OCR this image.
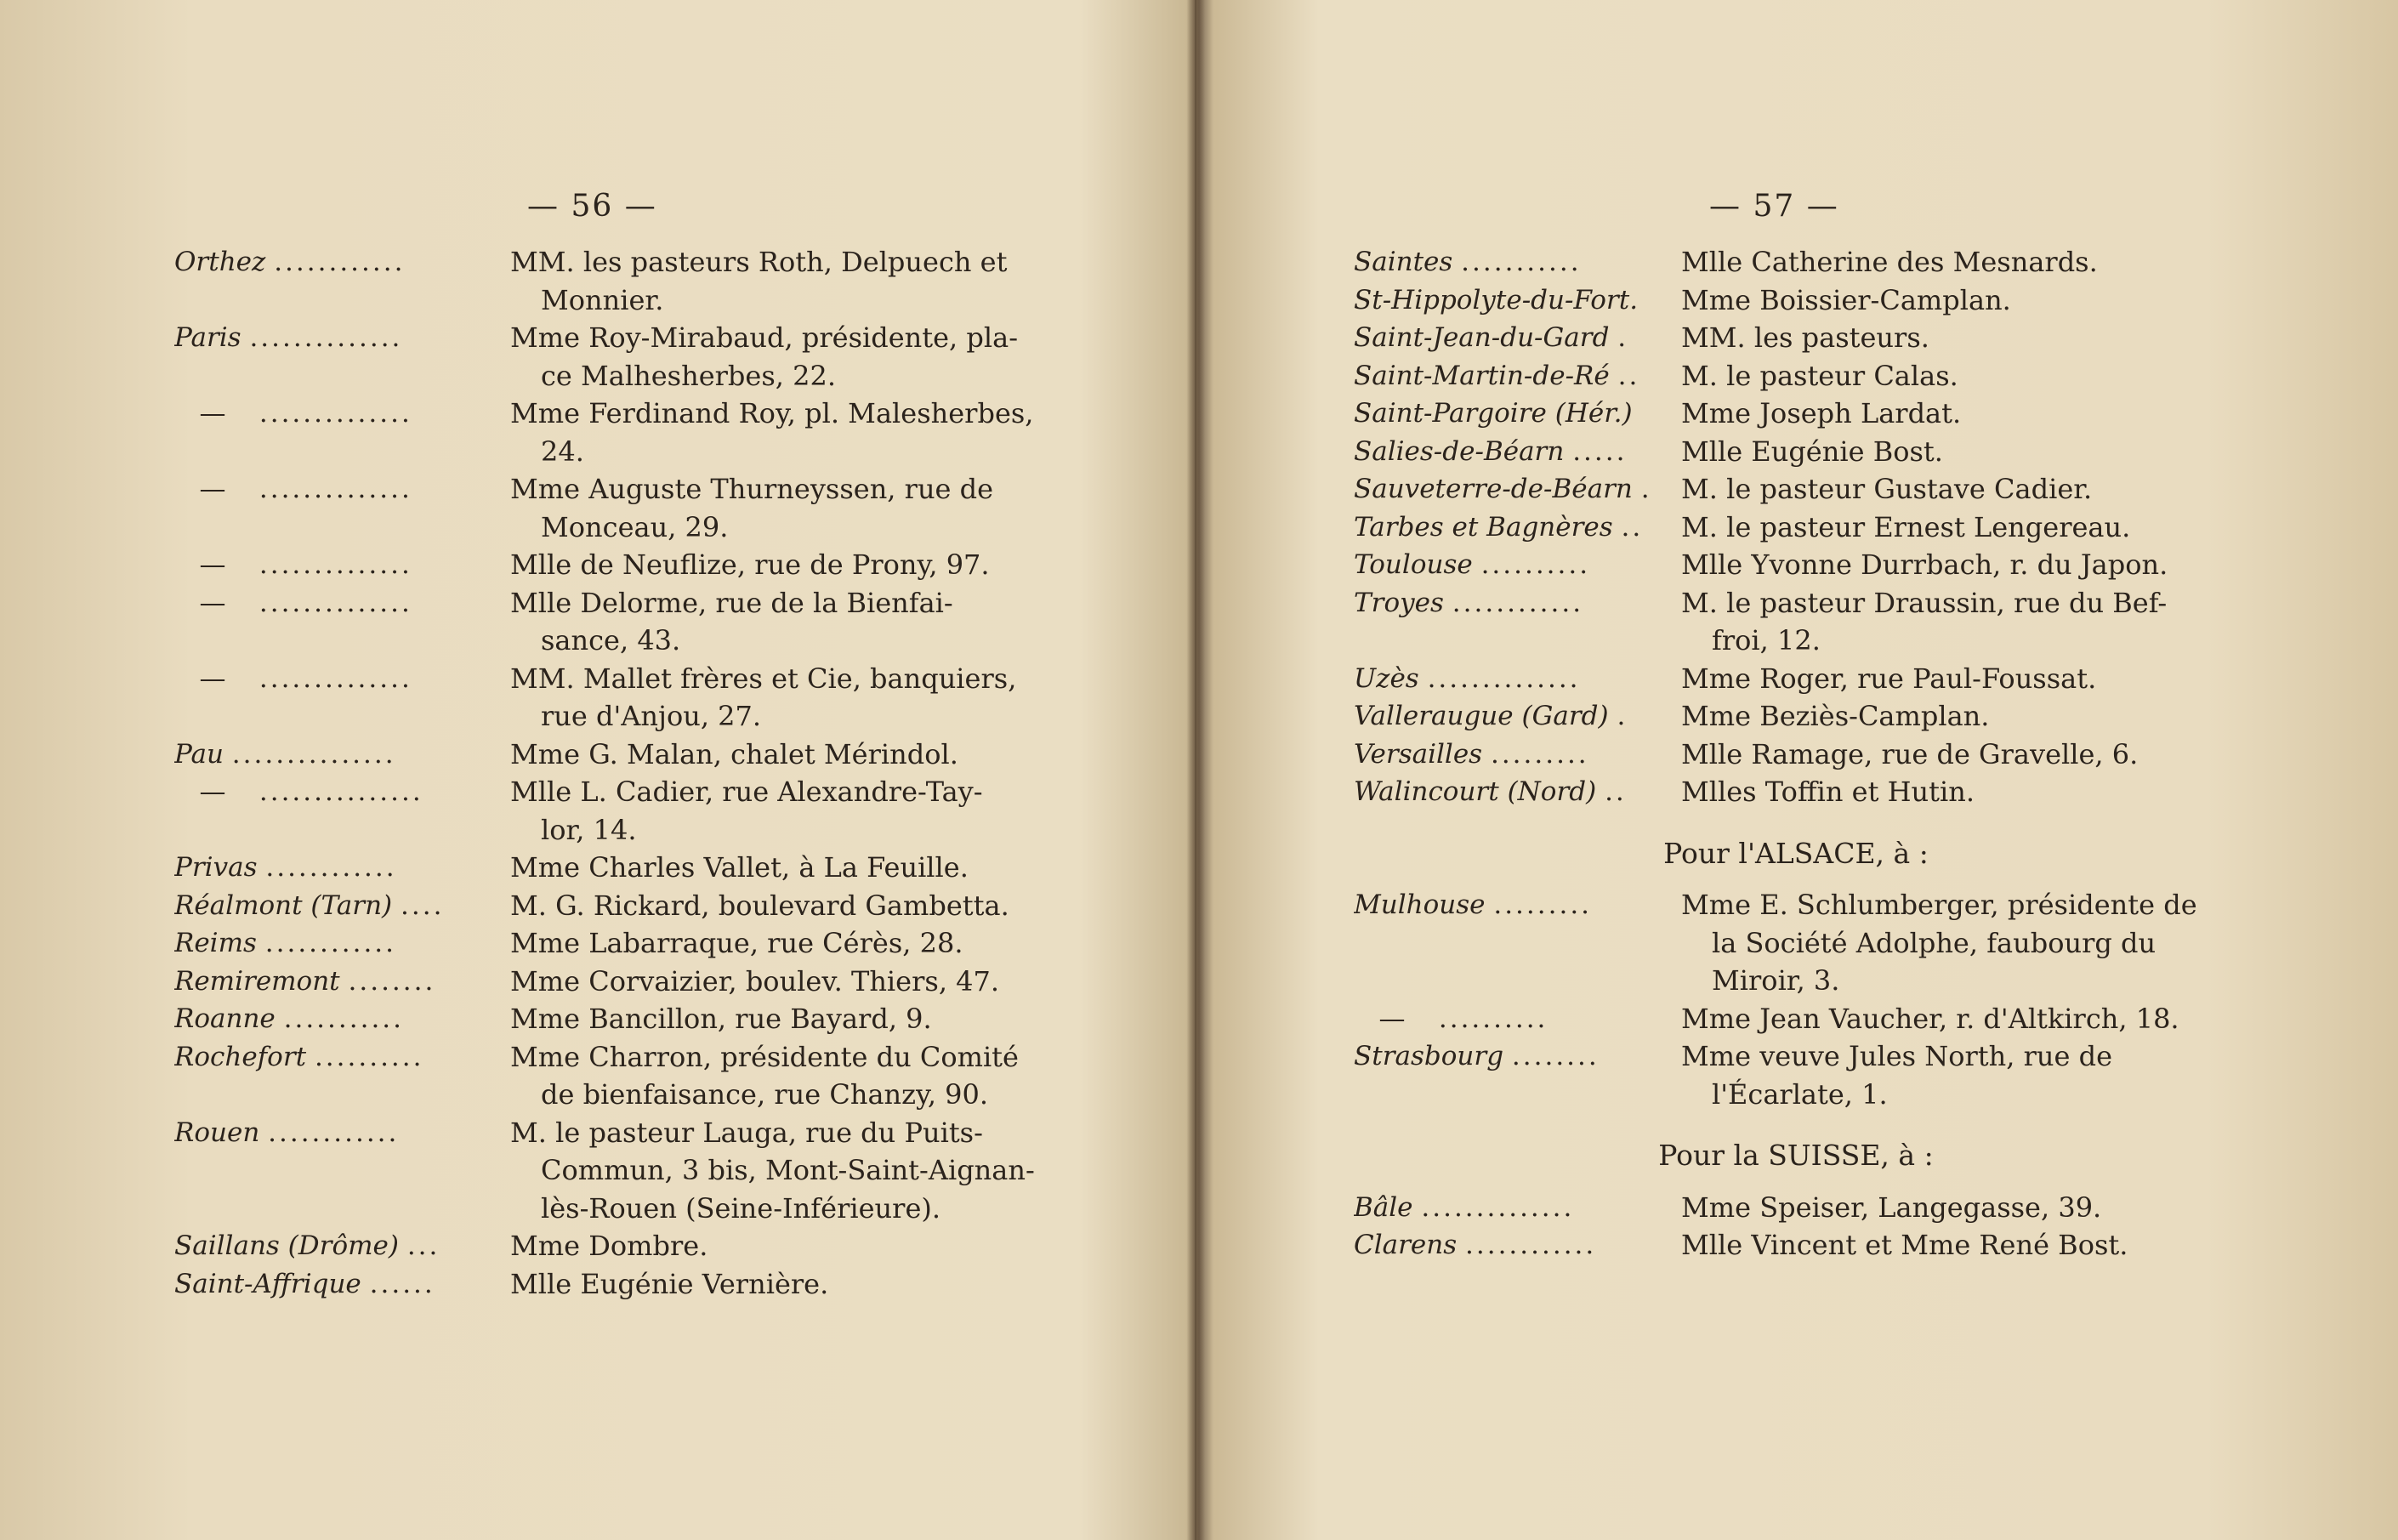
— 56 —
Orthez ............	MM. les pasteurs Roth, Delpuech et

Monnier.
Paris ..............	Mme Roy-Mirabaud, présidente, pla-

ce Malhesherbes, 22.
— ..............	Mme Ferdinand Roy, pl. Malesherbes,

24.
— ..............	Mme Auguste Thurneyssen, rue de

Monceau, 29.
— ..............	Mlle de Neuflize, rue de Prony, 97.
— ..............	Mlle Delorme, rue de la Bienfai-

sance, 43.
— ..............	MM. Mallet frères et Cie, banquiers,

rue d'Anjou, 27.
Pau ...............	Mme G. Malan, chalet Mérindol.
— ...............	Mlle L. Cadier, rue Alexandre-Tay-

lor, 14.
Privas ............	Mme Charles Vallet, à La Feuille.
Réalmont (Tarn) ....	M. G. Rickard, boulevard Gambetta.
Reims ............	Mme Labarraque, rue Cérès, 28.
Remiremont ........	Mme Corvaizier, boulev. Thiers, 47.
Roanne ...........	Mme Bancillon, rue Bayard, 9.
Rochefort ..........	Mme Charron, présidente du Comité

de bienfaisance, rue Chanzy, 90.
Rouen ............	M. le pasteur Lauga, rue du Puits-

Commun, 3 bis, Mont-Saint-Aignan-
lès-Rouen (Seine-Inférieure).
Saillans (Drôme) ...	Mme Dombre.
Saint-Affrique ......	Mlle Eugénie Vernière.
— 57 —
Saintes ...........	Mlle Catherine des Mesnards.
St-Hippolyte-du-Fort.	Mme Boissier-Camplan.
Saint-Jean-du-Gard .	MM. les pasteurs.
Saint-Martin-de-Ré ..	M. le pasteur Calas.
Saint-Pargoire (Hér.)	Mme Joseph Lardat.
Salies-de-Béarn .....	Mlle Eugénie Bost.
Sauveterre-de-Béarn .	M. le pasteur Gustave Cadier.
Tarbes et Bagnères ..	M. le pasteur Ernest Lengereau.
Toulouse ..........	Mlle Yvonne Durrbach, r. du Japon.
Troyes ............	M. le pasteur Draussin, rue du Bef-

froi, 12.
Uzès ..............	Mme Roger, rue Paul-Foussat.
Valleraugue (Gard) .	Mme Beziès-Camplan.
Versailles .........	Mlle Ramage, rue de Gravelle, 6.
Walincourt (Nord) ..	Mlles Toffin et Hutin.
Pour l'ALSACE, à :
Mulhouse .........	Mme E. Schlumberger, présidente de

la Société Adolphe, faubourg du
Miroir, 3.
— ..........	Mme Jean Vaucher, r. d'Altkirch, 18.
Strasbourg ........	Mme veuve Jules North, rue de

l'Écarlate, 1.
Pour la SUISSE, à :
Bâle ..............	Mme Speiser, Langegasse, 39.
Clarens ............	Mlle Vincent et Mme René Bost.
